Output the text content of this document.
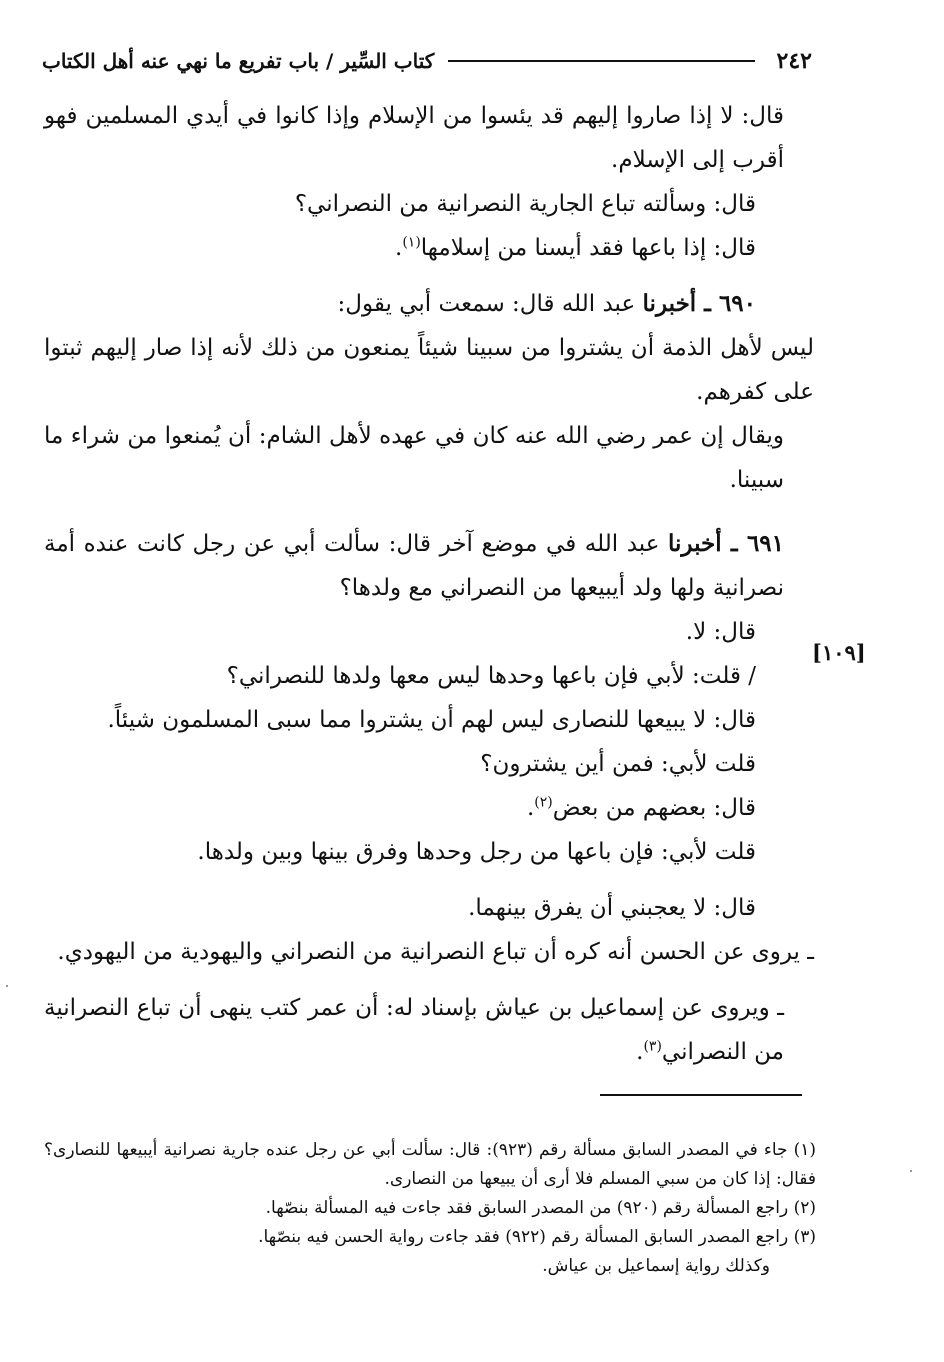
٢٤٢
كتاب السِّير / باب تفريع ما نهي عنه أهل الكتاب

قال: لا إذا صاروا إليهم قد يئسوا من الإسلام وإذا كانوا في أيدي المسلمين فهو أقرب إلى الإسلام.

قال: وسألته تباع الجارية النصرانية من النصراني؟

قال: إذا باعها فقد أيسنا من إسلامها$^{(١)}$.

٦٩٠ ـ أخبرنا عبد الله قال: سمعت أبي يقول:

ليس لأهل الذمة أن يشتروا من سبينا شيئاً يمنعون من ذلك لأنه إذا صار إليهم ثبتوا على كفرهم.

ويقال إن عمر رضي الله عنه كان في عهده لأهل الشام: أن يُمنعوا من شراء ما سبينا.

٦٩١ ـ أخبرنا عبد الله في موضع آخر قال: سألت أبي عن رجل كانت عنده أمة نصرانية ولها ولد أيبيعها من النصراني مع ولدها؟

قال: لا.

/ قلت: لأبي فإن باعها وحدها ليس معها ولدها للنصراني؟

قال: لا يبيعها للنصارى ليس لهم أن يشتروا مما سبى المسلمون شيئاً.

قلت لأبي: فمن أين يشترون؟

قال: بعضهم من بعض$^{(٢)}$.

قلت لأبي: فإن باعها من رجل وحدها وفرق بينها وبين ولدها.

قال: لا يعجبني أن يفرق بينهما.

ـ يروى عن الحسن أنه كره أن تباع النصرانية من النصراني واليهودية من اليهودي.

ـ ويروى عن إسماعيل بن عياش بإسناد له: أن عمر كتب ينهى أن تباع النصرانية من النصراني$^{(٣)}$.

[١٠٩]

(١) جاء في المصدر السابق مسألة رقم (٩٢٣): قال: سألت أبي عن رجل عنده جارية نصرانية أيبيعها للنصارى؟ فقال: إذا كان من سبي المسلم فلا أرى أن يبيعها من النصارى.

(٢) راجع المسألة رقم (٩٢٠) من المصدر السابق فقد جاءت فيه المسألة بنصّها.

(٣) راجع المصدر السابق المسألة رقم (٩٢٢) فقد جاءت رواية الحسن فيه بنصّها.

وكذلك رواية إسماعيل بن عياش.
